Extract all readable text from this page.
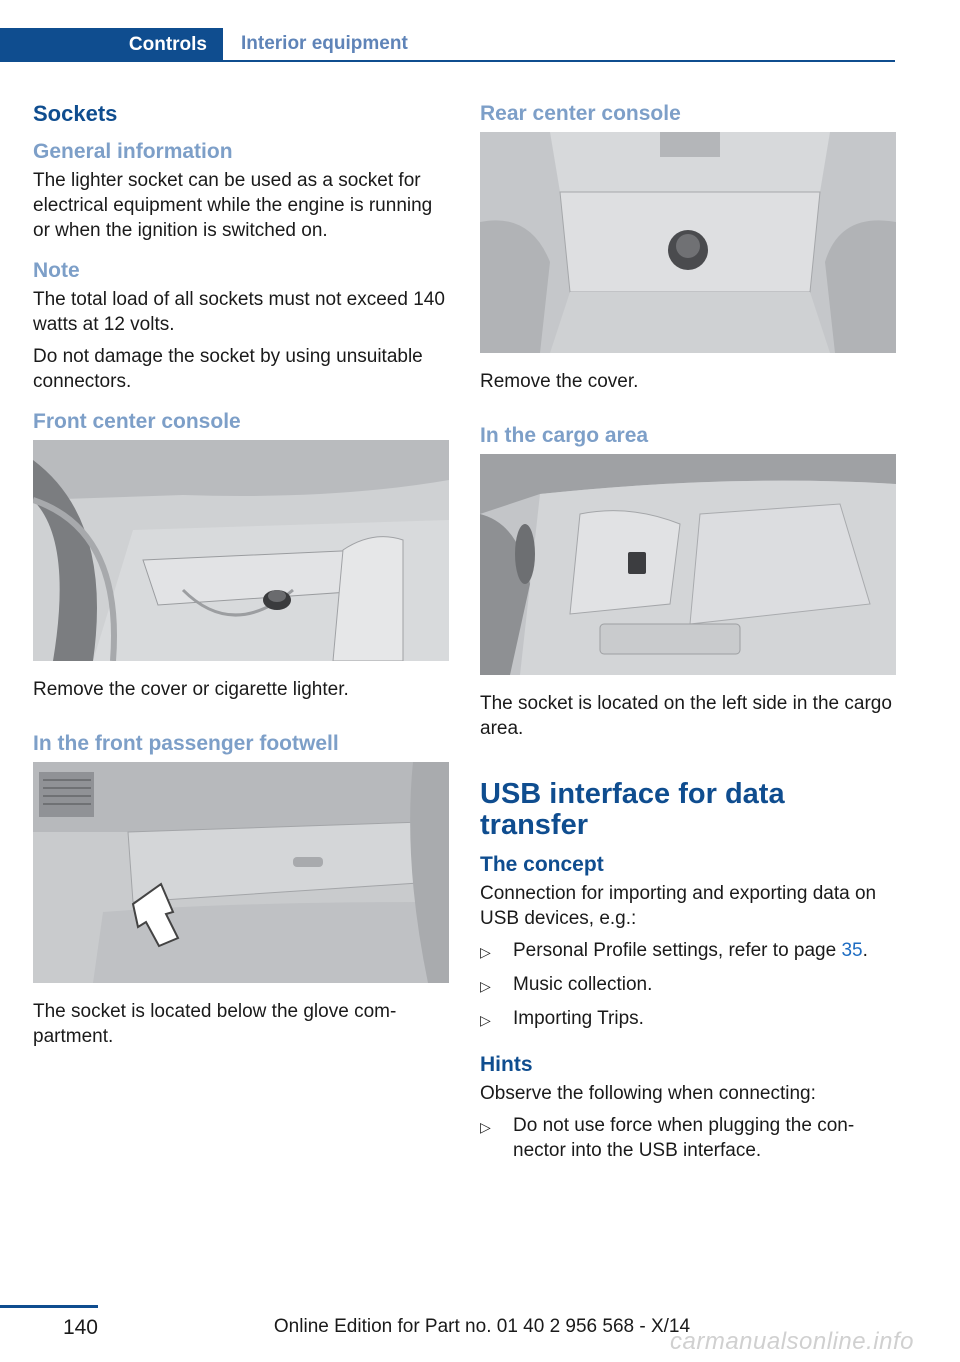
Controls	Interior equipment
Sockets
General information

The lighter socket can be used as a socket for electrical equipment while the engine is running or when the ignition is switched on.

Note

The total load of all sockets must not exceed 140 watts at 12 volts.

Do not damage the socket by using unsuitable connectors.

Front center console

Remove the cover or cigarette lighter.

In the front passenger footwell

The socket is located below the glove compartment.

Rear center console

Remove the cover.

In the cargo area

The socket is located on the left side in the cargo area.

USB interface for data transfer
The concept

Connection for importing and exporting data on USB devices, e.g.:

▷	Personal Profile settings, refer to page 35.
▷	Music collection.
▷	Importing Trips.
Hints

Observe the following when connecting:

▷	Do not use force when plugging the connector into the USB interface.
140	Online Edition for Part no. 01 40 2 956 568 - X/14
carmanualsonline.info
